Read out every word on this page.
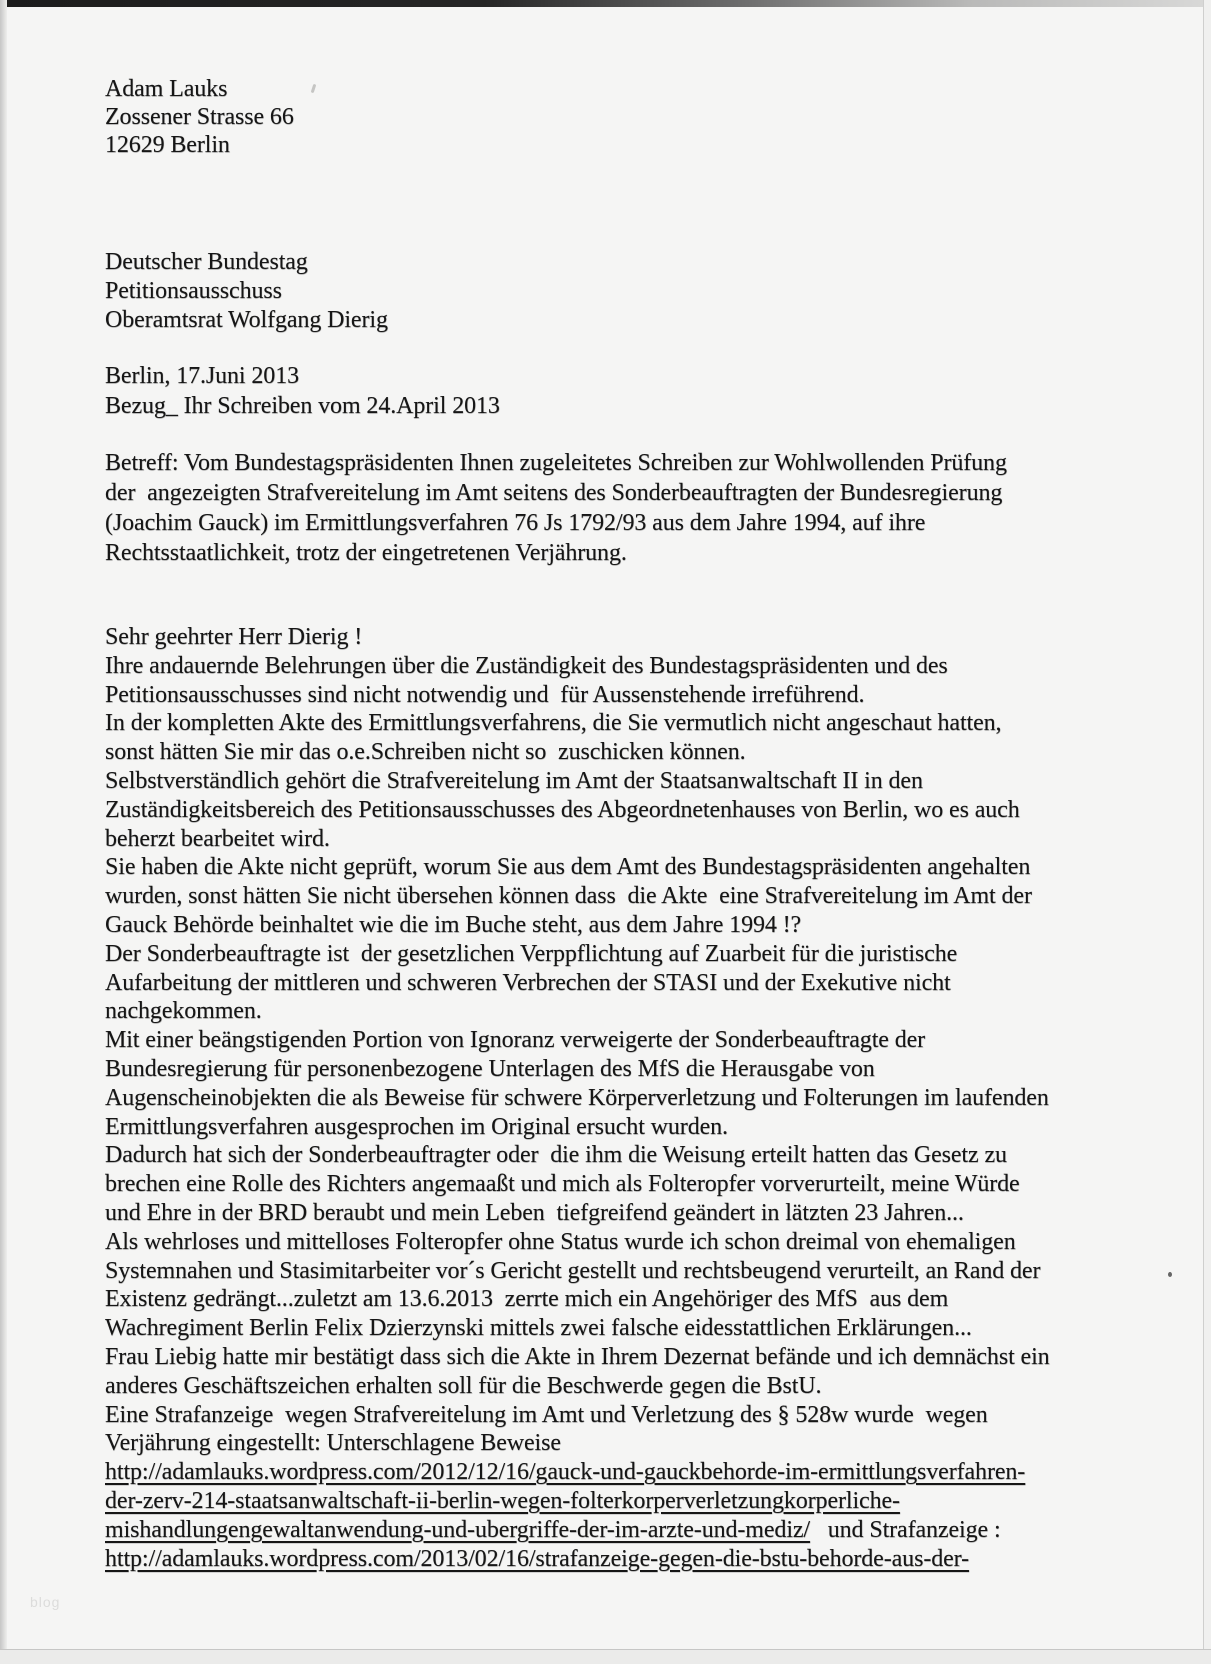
Adam Lauks
Zossener Strasse 66
12629 Berlin
Deutscher Bundestag
Petitionsausschuss
Oberamtsrat Wolfgang Dierig
Berlin, 17.Juni 2013
Bezug_ Ihr Schreiben vom 24.April 2013
Betreff: Vom Bundestagspräsidenten Ihnen zugeleitetes Schreiben zur Wohlwollenden Prüfung
der  angezeigten Strafvereitelung im Amt seitens des Sonderbeauftragten der Bundesregierung
(Joachim Gauck) im Ermittlungsverfahren 76 Js 1792/93 aus dem Jahre 1994, auf ihre
Rechtsstaatlichkeit, trotz der eingetretenen Verjährung.
Sehr geehrter Herr Dierig !
Ihre andauernde Belehrungen über die Zuständigkeit des Bundestagspräsidenten und des
Petitionsausschusses sind nicht notwendig und  für Aussenstehende irreführend.
In der kompletten Akte des Ermittlungsverfahrens, die Sie vermutlich nicht angeschaut hatten,
sonst hätten Sie mir das o.e.Schreiben nicht so  zuschicken können.
Selbstverständlich gehört die Strafvereitelung im Amt der Staatsanwaltschaft II in den
Zuständigkeitsbereich des Petitionsausschusses des Abgeordnetenhauses von Berlin, wo es auch
beherzt bearbeitet wird.
Sie haben die Akte nicht geprüft, worum Sie aus dem Amt des Bundestagspräsidenten angehalten
wurden, sonst hätten Sie nicht übersehen können dass  die Akte  eine Strafvereitelung im Amt der
Gauck Behörde beinhaltet wie die im Buche steht, aus dem Jahre 1994 !?
Der Sonderbeauftragte ist  der gesetzlichen Verppflichtung auf Zuarbeit für die juristische
Aufarbeitung der mittleren und schweren Verbrechen der STASI und der Exekutive nicht
nachgekommen.
Mit einer beängstigenden Portion von Ignoranz verweigerte der Sonderbeauftragte der
Bundesregierung für personenbezogene Unterlagen des MfS die Herausgabe von
Augenscheinobjekten die als Beweise für schwere Körperverletzung und Folterungen im laufenden
Ermittlungsverfahren ausgesprochen im Original ersucht wurden.
Dadurch hat sich der Sonderbeauftragter oder  die ihm die Weisung erteilt hatten das Gesetz zu
brechen eine Rolle des Richters angemaaßt und mich als Folteropfer vorverurteilt, meine Würde
und Ehre in der BRD beraubt und mein Leben  tiefgreifend geändert in lätzten 23 Jahren...
Als wehrloses und mittelloses Folteropfer ohne Status wurde ich schon dreimal von ehemaligen
Systemnahen und Stasimitarbeiter vor´s Gericht gestellt und rechtsbeugend verurteilt, an Rand der
Existenz gedrängt...zuletzt am 13.6.2013  zerrte mich ein Angehöriger des MfS  aus dem
Wachregiment Berlin Felix Dzierzynski mittels zwei falsche eidesstattlichen Erklärungen...
Frau Liebig hatte mir bestätigt dass sich die Akte in Ihrem Dezernat befände und ich demnächst ein
anderes Geschäftszeichen erhalten soll für die Beschwerde gegen die BstU.
Eine Strafanzeige  wegen Strafvereitelung im Amt und Verletzung des § 528w wurde  wegen
Verjährung eingestellt: Unterschlagene Beweise
http://adamlauks.wordpress.com/2012/12/16/gauck-und-gauckbehorde-im-ermittlungsverfahren-
der-zerv-214-staatsanwaltschaft-ii-berlin-wegen-folterkorperverletzungkorperliche-
mishandlungengewaltanwendung-und-ubergriffe-der-im-arzte-und-mediz/   und Strafanzeige :
http://adamlauks.wordpress.com/2013/02/16/strafanzeige-gegen-die-bstu-behorde-aus-der-
blog
